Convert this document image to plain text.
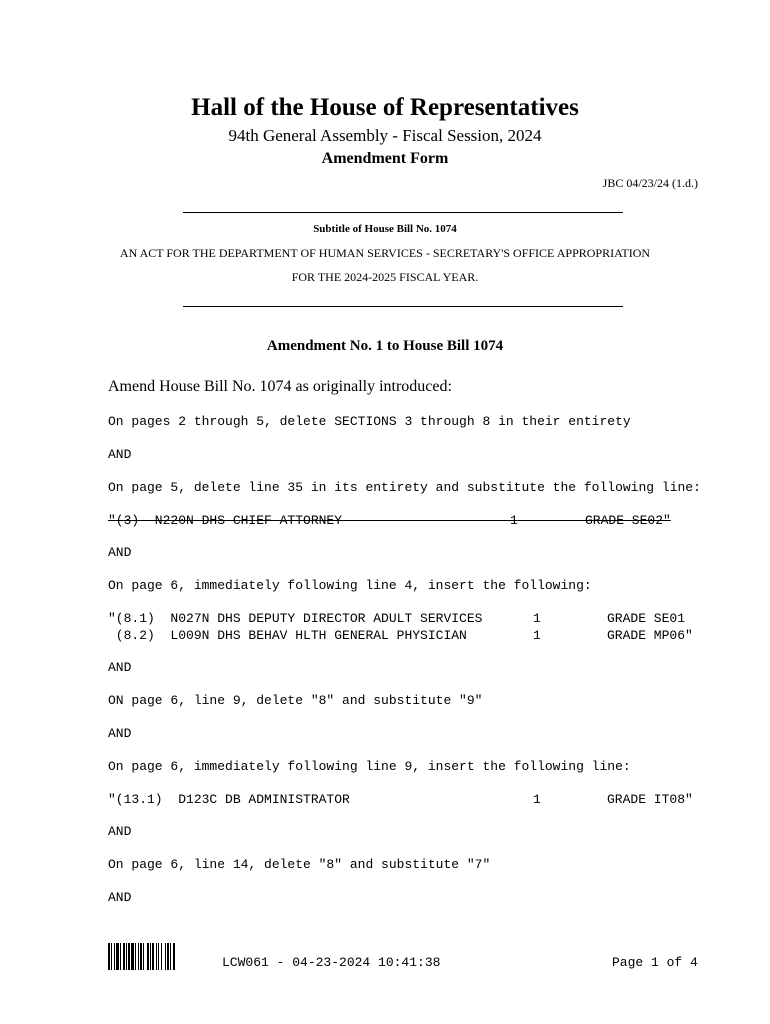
Hall of the House of Representatives
94th General Assembly - Fiscal Session, 2024
Amendment Form
JBC 04/23/24 (1.d.)
Subtitle of House Bill No. 1074
AN ACT FOR THE DEPARTMENT OF HUMAN SERVICES - SECRETARY'S OFFICE APPROPRIATION
FOR THE 2024-2025 FISCAL YEAR.
Amendment No. 1 to House Bill 1074
Amend House Bill No. 1074 as originally introduced:
On pages 2 through 5, delete SECTIONS 3 through 8 in their entirety
AND
On page 5, delete line 35 in its entirety and substitute the following line:
"(3)  N220N DHS CHIEF ATTORNEY	1	GRADE SE02"
AND
On page 6, immediately following line 4, insert the following:
"(8.1)  N027N DHS DEPUTY DIRECTOR ADULT SERVICES	1	GRADE SE01
(8.2)  L009N DHS BEHAV HLTH GENERAL PHYSICIAN	1	GRADE MP06"
AND
ON page 6, line 9, delete "8" and substitute "9"
AND
On page 6, immediately following line 9, insert the following line:
"(13.1)  D123C DB ADMINISTRATOR	1	GRADE IT08"
AND
On page 6, line 14, delete "8" and substitute "7"
AND
LCW061 - 04-23-2024 10:41:38	Page 1 of 4
